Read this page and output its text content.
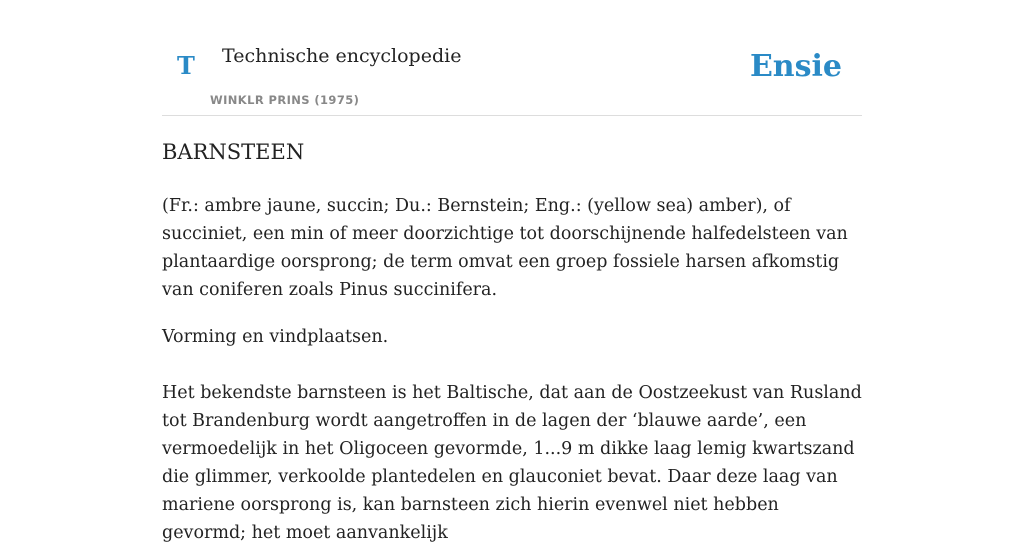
T Technische encyclopedie
WINKLR PRINS (1975)
Ensie
BARNSTEEN

(Fr.: ambre jaune, succin; Du.: Bernstein; Eng.: (yellow sea) amber), of succiniet, een min of meer doorzichtige tot doorschijnende halfedelsteen van plantaardige oorsprong; de term omvat een groep fossiele harsen afkomstig van coniferen zoals Pinus succinifera.

Vorming en vindplaatsen.

Het bekendste barnsteen is het Baltische, dat aan de Oostzeekust van Rusland tot Brandenburg wordt aangetroffen in de lagen der ‘blauwe aarde’, een vermoedelijk in het Oligoceen gevormde, 1...9 m dikke laag lemig kwartszand die glimmer, verkoolde plantedelen en glauconiet bevat. Daar deze laag van mariene oorsprong is, kan barnsteen zich hierin evenwel niet hebben gevormd; het moet aanvankelijk
